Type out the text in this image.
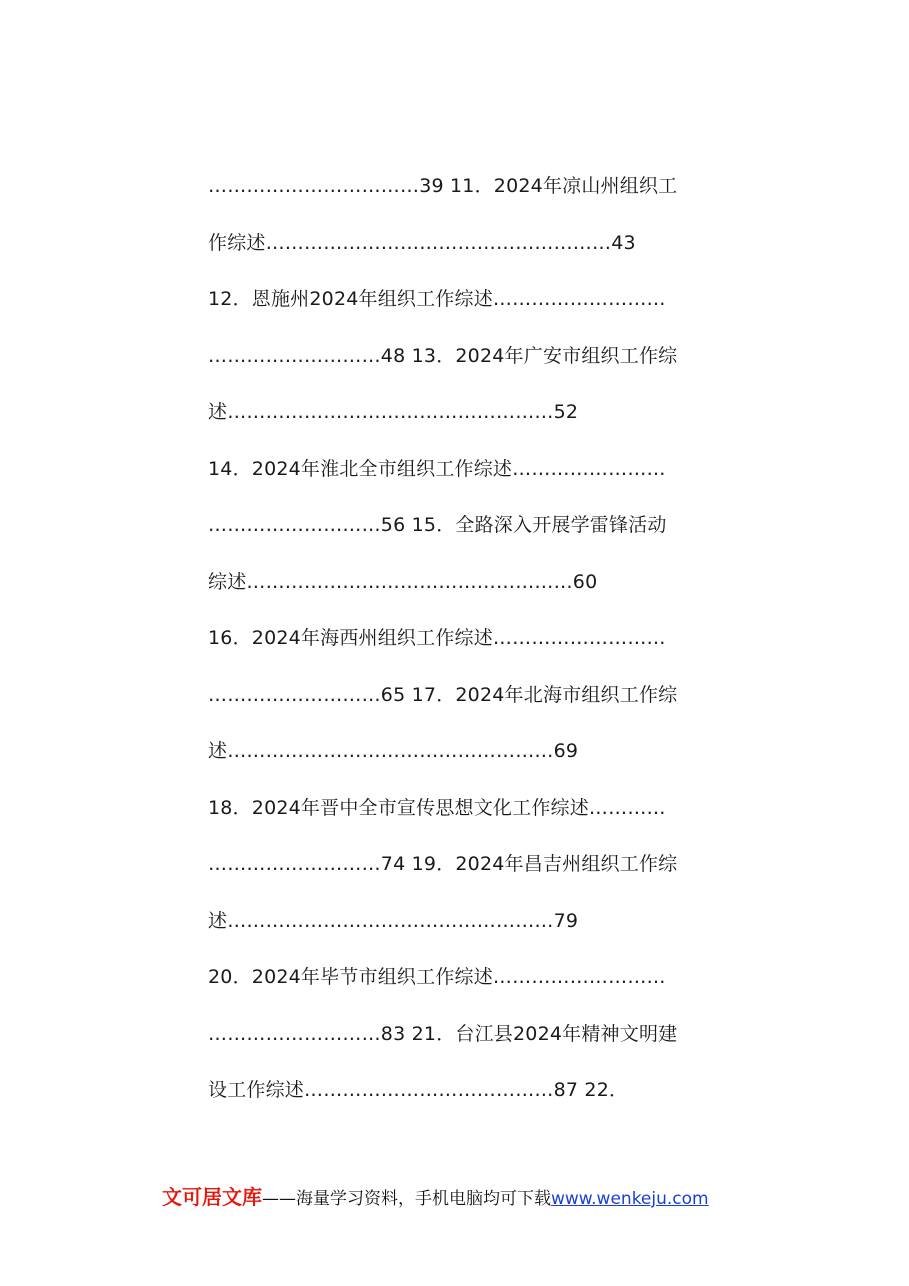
……………………………39 11．2024年凉山州组织工
作综述………………………………………………43
12．恩施州2024年组织工作综述………………………
………………………48 13．2024年广安市组织工作综
述……………………………………………52
14．2024年淮北全市组织工作综述……………………
………………………56 15．全路深入开展学雷锋活动
综述……………………………………………60
16．2024年海西州组织工作综述………………………
………………………65 17．2024年北海市组织工作综
述……………………………………………69
18．2024年晋中全市宣传思想文化工作综述…………
………………………74 19．2024年昌吉州组织工作综
述……………………………………………79
20．2024年毕节市组织工作综述………………………
………………………83 21．台江县2024年精神文明建
设工作综述…………………………………87 22．
文可居文库——海量学习资料，手机电脑均可下载www.wenkeju.com
